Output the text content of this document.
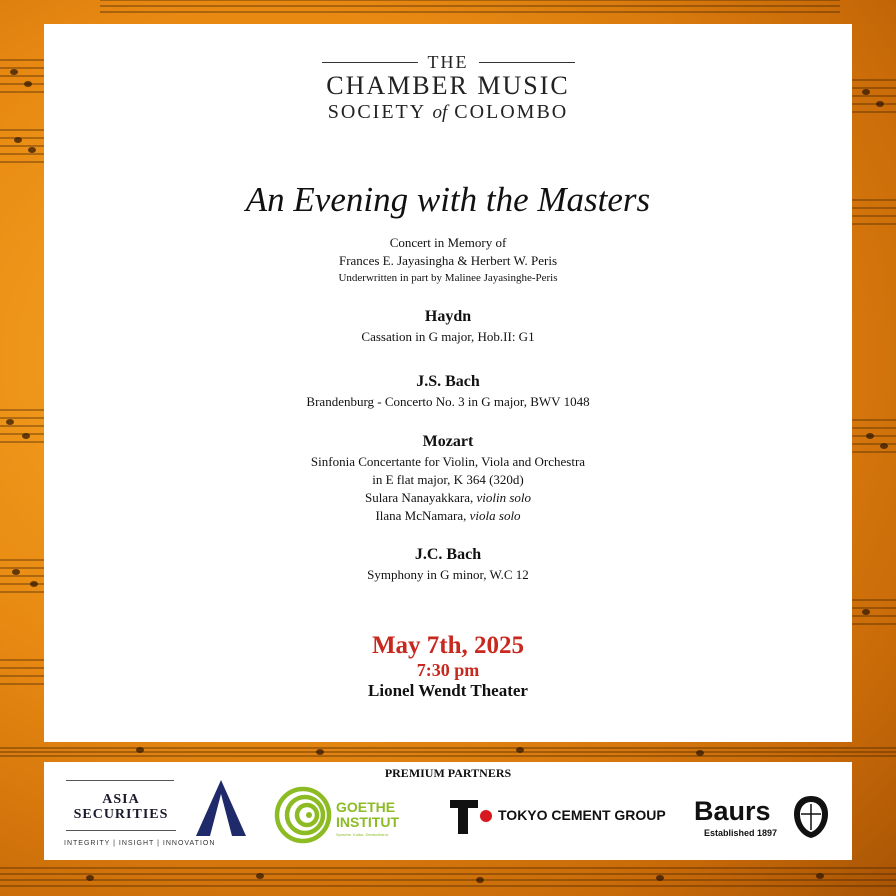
THE
CHAMBER MUSIC
SOCIETY of COLOMBO
An Evening with the Masters
Concert in Memory of
Frances E. Jayasingha & Herbert W. Peris
Underwritten in part by Malinee Jayasinghe-Peris
Haydn
Cassation in G major, Hob.II: G1
J.S. Bach
Brandenburg - Concerto No. 3 in G major, BWV 1048
Mozart
Sinfonia Concertante for Violin, Viola and Orchestra
in E flat major, K 364 (320d)
Sulara Nanayakkara, violin solo
Ilana McNamara, viola solo
J.C. Bach
Symphony in G minor, W.C 12
May 7th, 2025
7:30 pm
Lionel Wendt Theater
PREMIUM PARTNERS
ASIA
SECURITIES
INTEGRITY | INSIGHT | INNOVATION
GOETHE
INSTITUT
Sprache. Kultur. Deutschland.
TOKYO CEMENT GROUP Baurs
Established 1897
